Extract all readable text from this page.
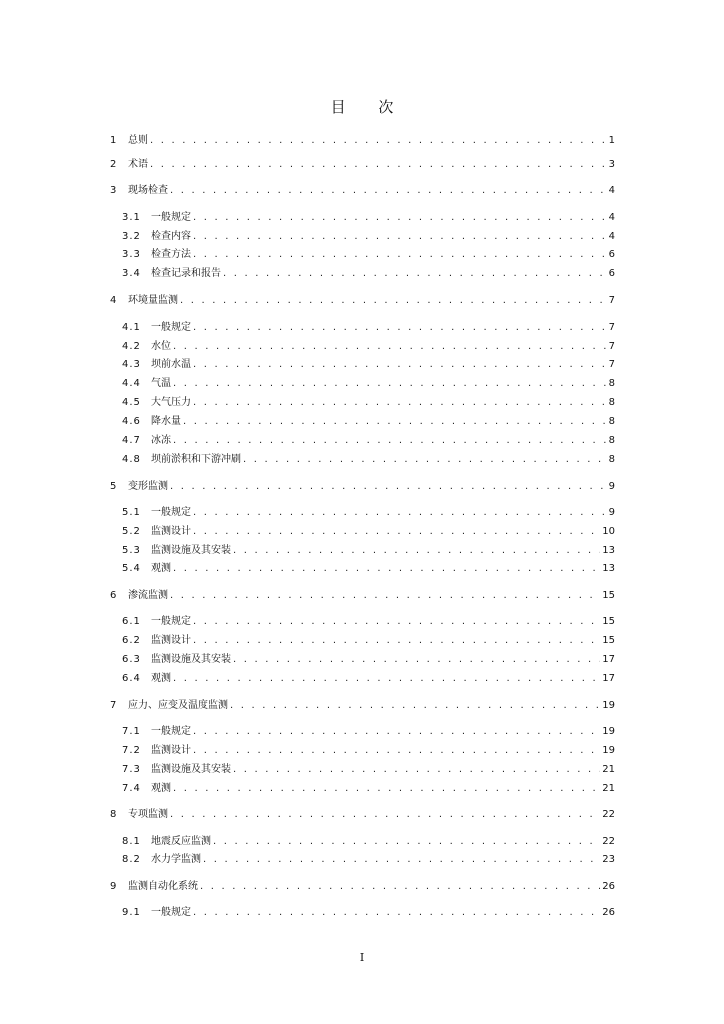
目 次
1	总则 . . .	1
2	术语 . . .	3
3	现场检查 . . .	4
3.1	一般规定 . . .	4
3.2	检查内容 . . .	4
3.3	检查方法 . . .	6
3.4	检查记录和报告 . . .	6
4	环境量监测 . . .	7
4.1	一般规定 . . .	7
4.2	水位 . . .	7
4.3	坝前水温 . . .	7
4.4	气温 . . .	8
4.5	大气压力 . . .	8
4.6	降水量 . . .	8
4.7	冰冻 . . .	8
4.8	坝前淤积和下游冲刷 . . .	8
5	变形监测 . . .	9
5.1	一般规定 . . .	9
5.2	监测设计 . . .	10
5.3	监测设施及其安装 . . .	13
5.4	观测 . . .	13
6	渗流监测 . . .	15
6.1	一般规定 . . .	15
6.2	监测设计 . . .	15
6.3	监测设施及其安装 . . .	17
6.4	观测 . . .	17
7	应力、应变及温度监测 . . .	19
7.1	一般规定 . . .	19
7.2	监测设计 . . .	19
7.3	监测设施及其安装 . . .	21
7.4	观测 . . .	21
8	专项监测 . . .	22
8.1	地震反应监测 . . .	22
8.2	水力学监测 . . .	23
9	监测自动化系统 . . .	26
9.1	一般规定 . . .	26
I
